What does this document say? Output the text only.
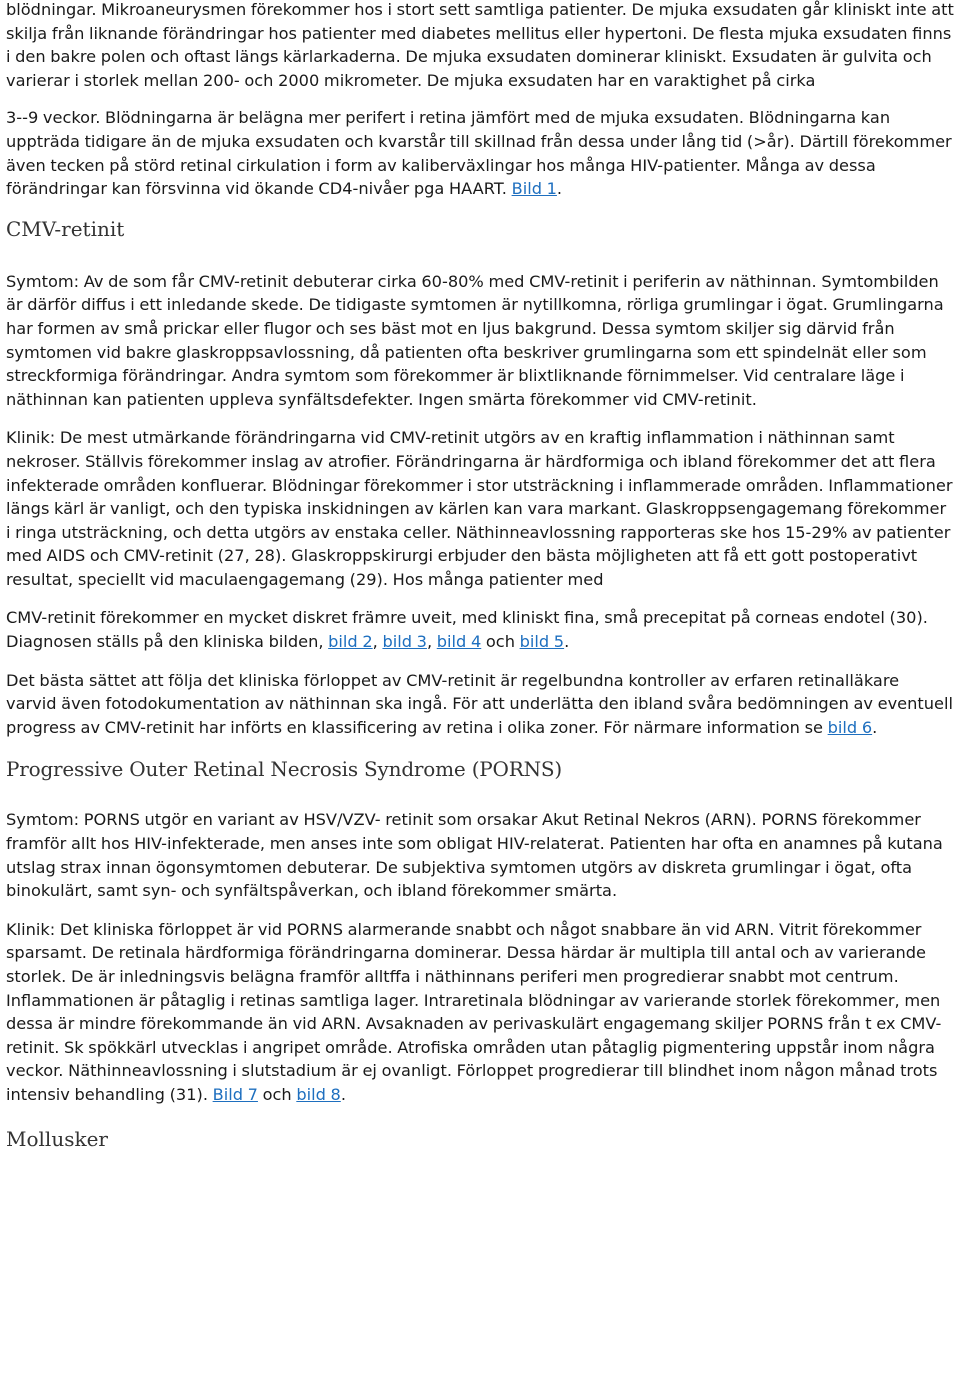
blödningar. Mikroaneurysmen förekommer hos i stort sett samtliga patienter. De mjuka exsudaten går kliniskt inte att skilja från liknande förändringar hos patienter med diabetes mellitus eller hypertoni. De flesta mjuka exsudaten finns i den bakre polen och oftast längs kärlarkaderna. De mjuka exsudaten dominerar kliniskt. Exsudaten är gulvita och varierar i storlek mellan 200- och 2000 mikrometer. De mjuka exsudaten har en varaktighet på cirka

3--9 veckor. Blödningarna är belägna mer perifert i retina jämfört med de mjuka exsudaten. Blödningarna kan uppträda tidigare än de mjuka exsudaten och kvarstår till skillnad från dessa under lång tid (>år). Därtill förekommer även tecken på störd retinal cirkulation i form av kaliberväxlingar hos många HIV-patienter. Många av dessa förändringar kan försvinna vid ökande CD4-nivåer pga HAART. Bild 1.

CMV-retinit

Symtom: Av de som får CMV-retinit debuterar cirka 60-80% med CMV-retinit i periferin av näthinnan. Symtombilden är därför diffus i ett inledande skede. De tidigaste symtomen är nytillkomna, rörliga grumlingar i ögat. Grumlingarna har formen av små prickar eller flugor och ses bäst mot en ljus bakgrund. Dessa symtom skiljer sig därvid från symtomen vid bakre glaskroppsavlossning, då patienten ofta beskriver grumlingarna som ett spindelnät eller som streckformiga förändringar. Andra symtom som förekommer är blixtliknande förnimmelser. Vid centralare läge i näthinnan kan patienten uppleva synfältsdefekter. Ingen smärta förekommer vid CMV-retinit.

Klinik: De mest utmärkande förändringarna vid CMV-retinit utgörs av en kraftig inflammation i näthinnan samt nekroser. Ställvis förekommer inslag av atrofier. Förändringarna är härdformiga och ibland förekommer det att flera infekterade områden konfluerar. Blödningar förekommer i stor utsträckning i inflammerade områden. Inflammationer längs kärl är vanligt, och den typiska inskidningen av kärlen kan vara markant. Glaskroppsengagemang förekommer i ringa utsträckning, och detta utgörs av enstaka celler. Näthinneavlossning rapporteras ske hos 15-29% av patienter med AIDS och CMV-retinit (27, 28). Glaskroppskirurgi erbjuder den bästa möjligheten att få ett gott postoperativt resultat, speciellt vid maculaengagemang (29). Hos många patienter med

CMV-retinit förekommer en mycket diskret främre uveit, med kliniskt fina, små precepitat på corneas endotel (30). Diagnosen ställs på den kliniska bilden, bild 2, bild 3, bild 4 och bild 5.

Det bästa sättet att följa det kliniska förloppet av CMV-retinit är regelbundna kontroller av erfaren retinalläkare varvid även fotodokumentation av näthinnan ska ingå. För att underlätta den ibland svåra bedömningen av eventuell progress av CMV-retinit har införts en klassificering av retina i olika zoner. För närmare information se bild 6.

Progressive Outer Retinal Necrosis Syndrome (PORNS)

Symtom: PORNS utgör en variant av HSV/VZV- retinit som orsakar Akut Retinal Nekros (ARN). PORNS förekommer framför allt hos HIV-infekterade, men anses inte som obligat HIV-relaterat. Patienten har ofta en anamnes på kutana utslag strax innan ögonsymtomen debuterar. De subjektiva symtomen utgörs av diskreta grumlingar i ögat, ofta binokulärt, samt syn- och synfältspåverkan, och ibland förekommer smärta.

Klinik: Det kliniska förloppet är vid PORNS alarmerande snabbt och något snabbare än vid ARN. Vitrit förekommer sparsamt. De retinala härdformiga förändringarna dominerar. Dessa härdar är multipla till antal och av varierande storlek. De är inledningsvis belägna framför alltffa i näthinnans periferi men progredierar snabbt mot centrum. Inflammationen är påtaglig i retinas samtliga lager. Intraretinala blödningar av varierande storlek förekommer, men dessa är mindre förekommande än vid ARN. Avsaknaden av perivaskulärt engagemang skiljer PORNS från t ex CMV-retinit. Sk spökkärl utvecklas i angripet område. Atrofiska områden utan påtaglig pigmentering uppstår inom några veckor. Näthinneavlossning i slutstadium är ej ovanligt. Förloppet progredierar till blindhet inom någon månad trots intensiv behandling (31). Bild 7 och bild 8.

Mollusker
